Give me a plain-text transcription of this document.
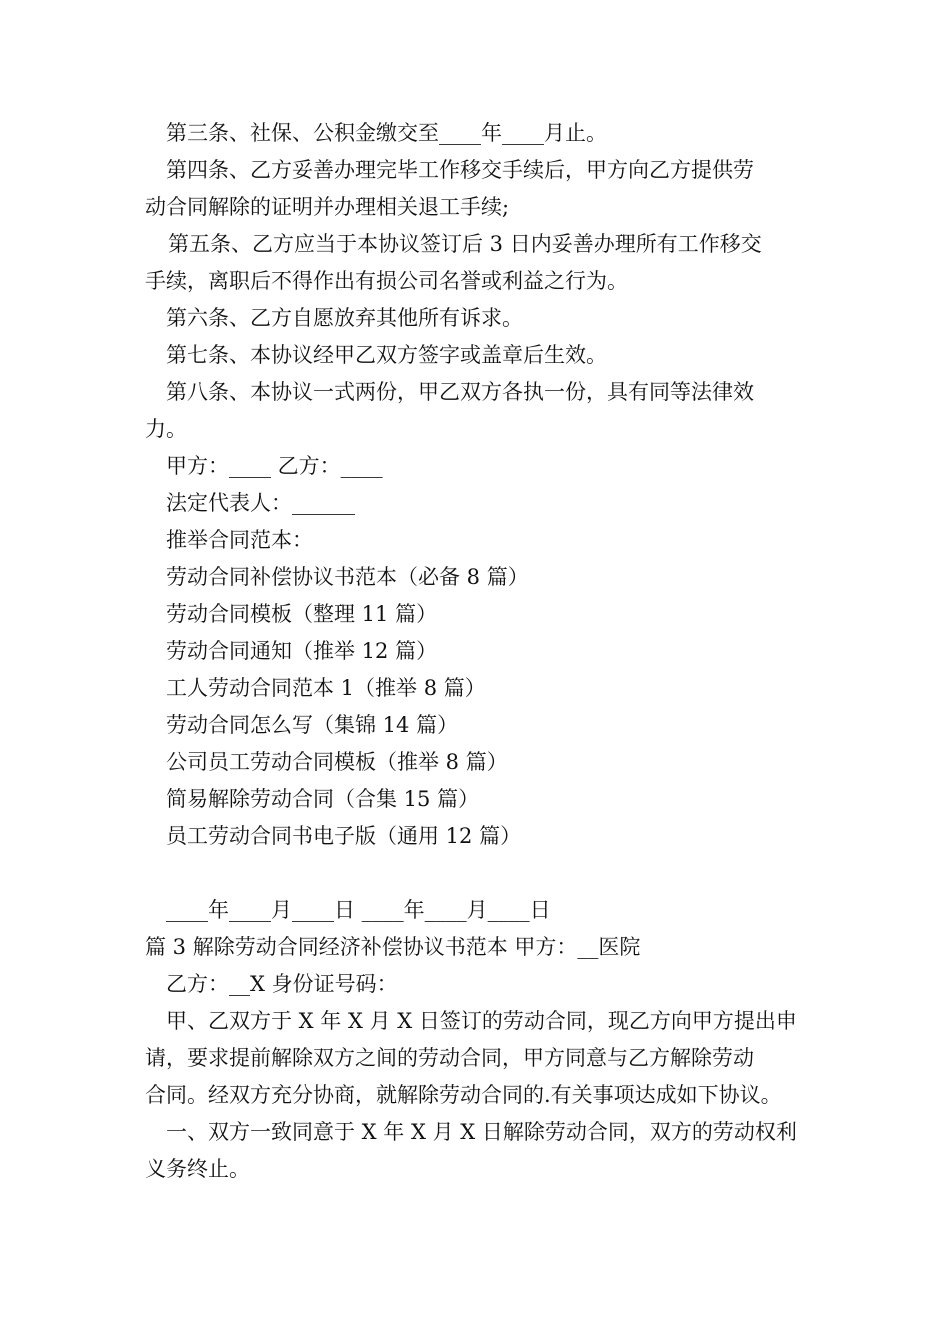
第三条、社保、公积金缴交至____年____月止。
第四条、乙方妥善办理完毕工作移交手续后，甲方向乙方提供劳
动合同解除的证明并办理相关退工手续;
第五条、乙方应当于本协议签订后 3 日内妥善办理所有工作移交
手续，离职后不得作出有损公司名誉或利益之行为。
第六条、乙方自愿放弃其他所有诉求。
第七条、本协议经甲乙双方签字或盖章后生效。
第八条、本协议一式两份，甲乙双方各执一份，具有同等法律效
力。
甲方：____ 乙方：____
法定代表人：______
推举合同范本：
劳动合同补偿协议书范本（必备 8 篇）
劳动合同模板（整理 11 篇）
劳动合同通知（推举 12 篇）
工人劳动合同范本 1（推举 8 篇）
劳动合同怎么写（集锦 14 篇）
公司员工劳动合同模板（推举 8 篇）
简易解除劳动合同（合集 15 篇）
员工劳动合同书电子版（通用 12 篇）
____年____月____日 ____年____月____日
篇 3 解除劳动合同经济补偿协议书范本 甲方：__医院
乙方：__X 身份证号码：
甲、乙双方于 X 年 X 月 X 日签订的劳动合同，现乙方向甲方提出申
请，要求提前解除双方之间的劳动合同，甲方同意与乙方解除劳动
合同。经双方充分协商，就解除劳动合同的.有关事项达成如下协议。
一、双方一致同意于 X 年 X 月 X 日解除劳动合同，双方的劳动权利
义务终止。
